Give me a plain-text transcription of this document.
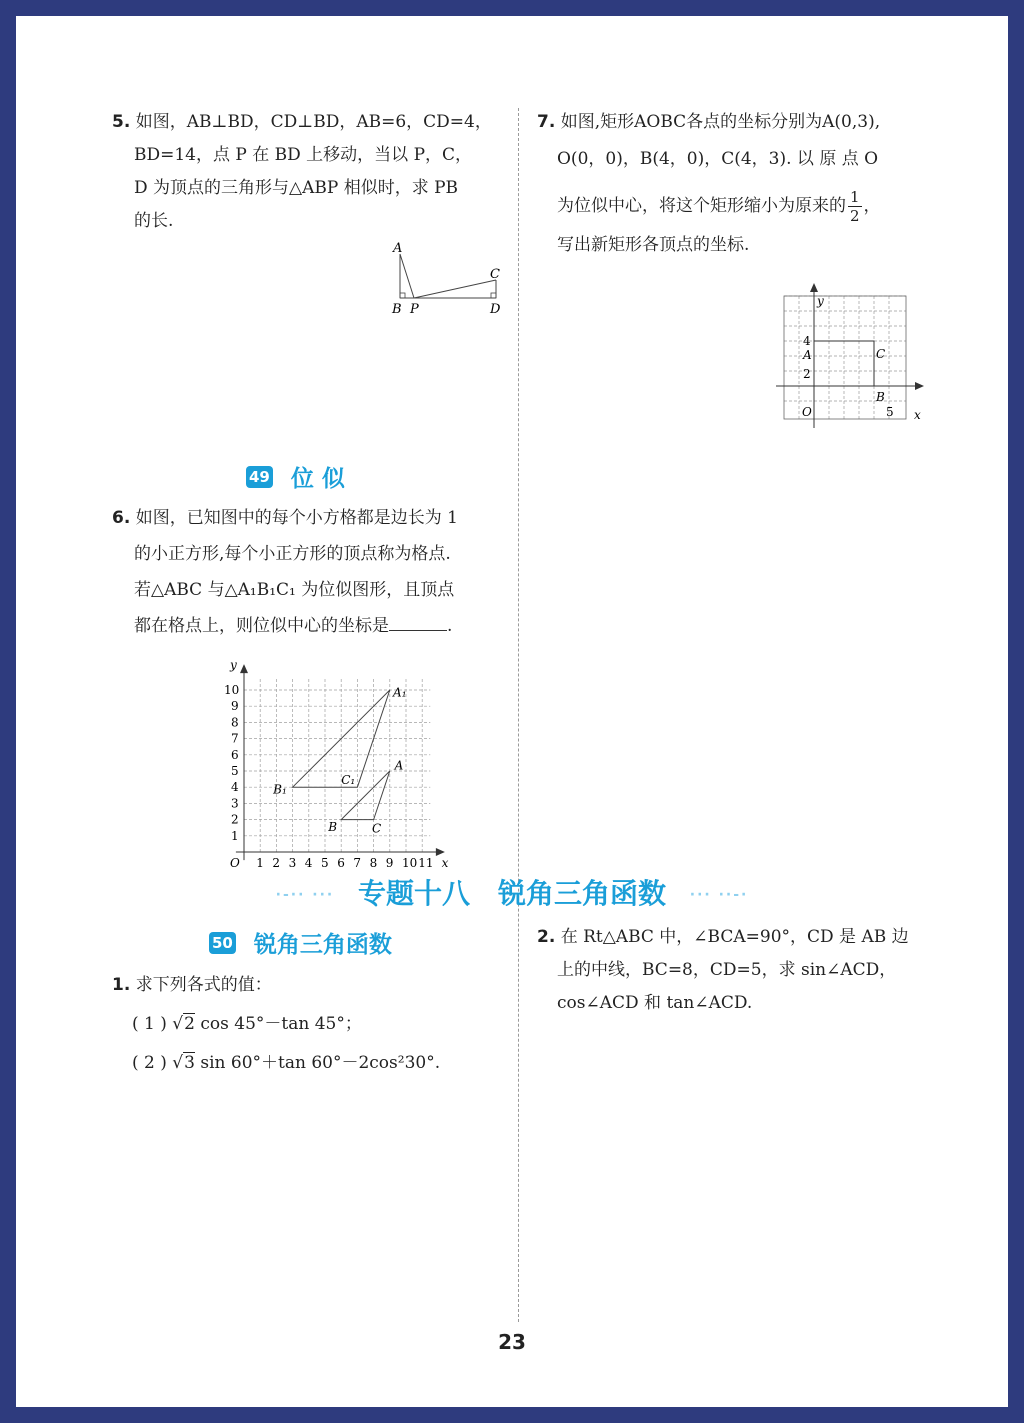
5. 如图，AB⊥BD，CD⊥BD，AB=6，CD=4，

BD=14，点 P 在 BD 上移动，当以 P，C，

D 为顶点的三角形与△ABP 相似时，求 PB

的长.

A
C
B P	D

7. 如图,矩形AOBC各点的坐标分别为A(0,3),

O(0，0)，B(4，0)，C(4，3). 以 原 点 O

为位似中心，将这个矩形缩小为原来的 $\frac{1}{2}$ ，

写出新矩形各顶点的坐标.

y
4
A	C
2
B
O	5 x
49 位 似

6. 如图，已知图中的每个小方格都是边长为 1

的小正方形,每个小正方形的顶点称为格点.

若△ABC 与△A₁B₁C₁ 为位似图形，且顶点

都在格点上，则位似中心的坐标是	.

1 2 3 4 5 6 7 8 9 10 11
1
2
3
4
5
6
7
8
9
10
y
x
O
A₁
A
B₁
C₁
B	C
·-·· ··· 专题十八　锐角三角函数 ··· ··-·
50 锐角三角函数

1. 求下列各式的值：

( 1 ) √2 cos 45°－tan 45°；

( 2 ) √3 sin 60°＋tan 60°－2cos²30°.

2. 在 Rt△ABC 中，∠BCA=90°，CD 是 AB 边

上的中线，BC=8，CD=5，求 sin∠ACD，

cos∠ACD 和 tan∠ACD.

23
